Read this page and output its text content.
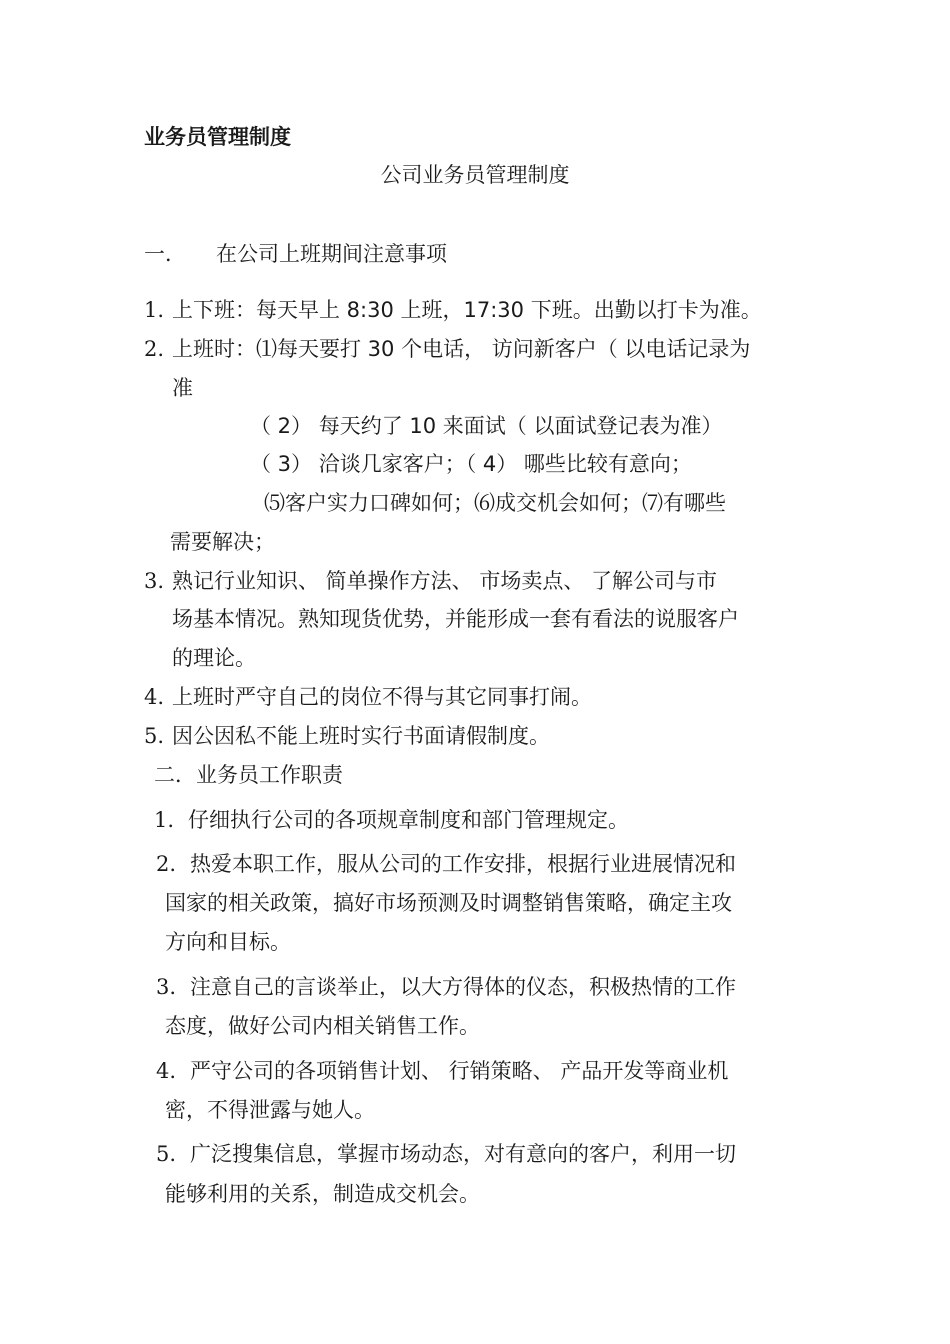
业务员管理制度
公司业务员管理制度
一． 在公司上班期间注意事项
1. 上下班：每天早上 8:30 上班，17:30 下班。出勤以打卡为准。
2. 上班时：⑴每天要打 30 个电话， 访问新客户（ 以电话记录为
准
（ 2） 每天约了 10 来面试（ 以面试登记表为准）
（ 3） 洽谈几家客户；（ 4） 哪些比较有意向；
⑸客户实力口碑如何；⑹成交机会如何；⑺有哪些
需要解决；
3. 熟记行业知识、 简单操作方法、 市场卖点、 了解公司与市
场基本情况。熟知现货优势，并能形成一套有看法的说服客户
的理论。
4. 上班时严守自己的岗位不得与其它同事打闹。
5. 因公因私不能上班时实行书面请假制度。
二．业务员工作职责
1. 仔细执行公司的各项规章制度和部门管理规定。
2. 热爱本职工作，服从公司的工作安排，根据行业进展情况和
国家的相关政策，搞好市场预测及时调整销售策略，确定主攻
方向和目标。
3. 注意自己的言谈举止，以大方得体的仪态，积极热情的工作
态度，做好公司内相关销售工作。
4. 严守公司的各项销售计划、 行销策略、 产品开发等商业机
密，不得泄露与她人。
5. 广泛搜集信息，掌握市场动态，对有意向的客户，利用一切
能够利用的关系，制造成交机会。
